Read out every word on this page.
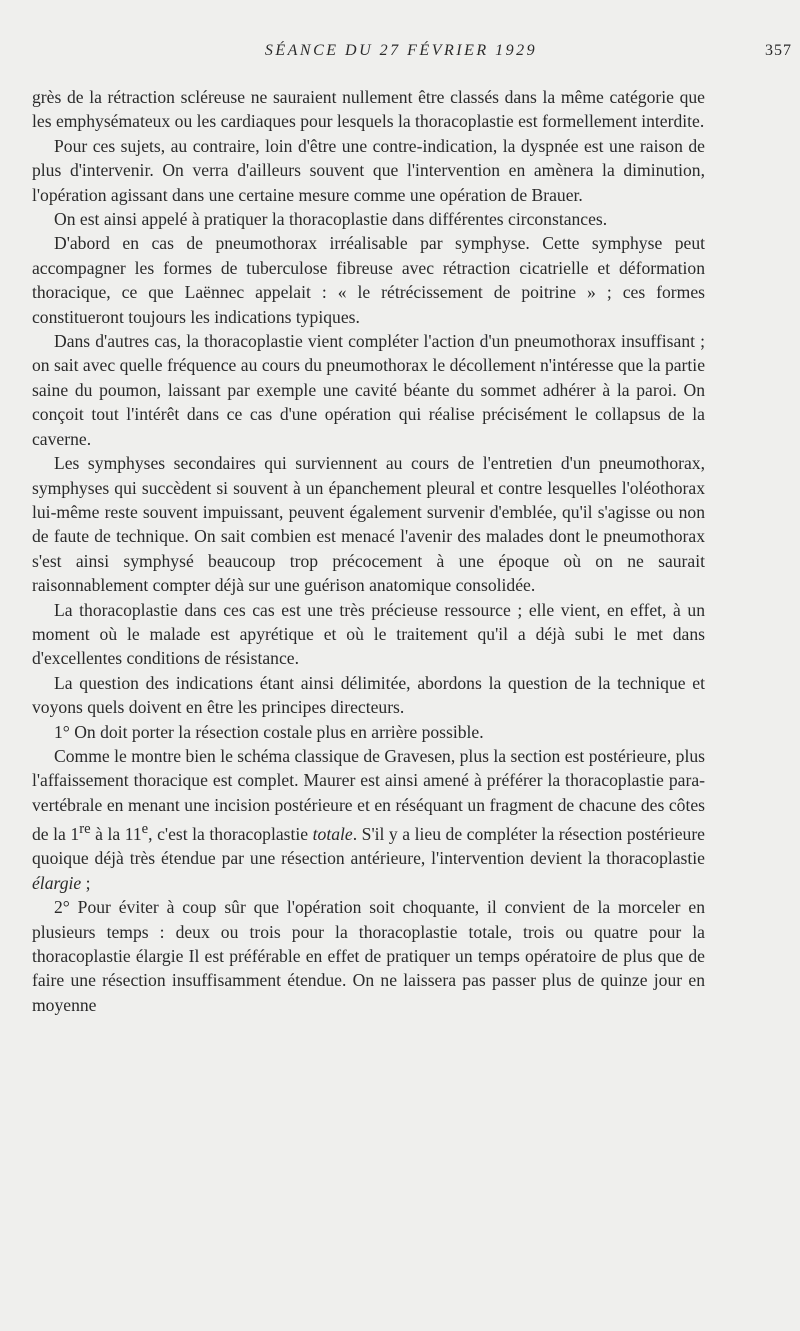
SÉANCE DU 27 FÉVRIER 1929	357

grès de la rétraction scléreuse ne sauraient nullement être classés dans la même catégorie que les emphysémateux ou les cardiaques pour lesquels la thoracoplastie est formellement interdite.

Pour ces sujets, au contraire, loin d'être une contre-indication, la dyspnée est une raison de plus d'intervenir. On verra d'ailleurs souvent que l'intervention en amènera la diminution, l'opération agissant dans une certaine mesure comme une opération de Brauer.

On est ainsi appelé à pratiquer la thoracoplastie dans différentes circonstances.

D'abord en cas de pneumothorax irréalisable par symphyse. Cette symphyse peut accompagner les formes de tuberculose fibreuse avec rétraction cicatrielle et déformation thoracique, ce que Laënnec appelait : « le rétrécissement de poitrine » ; ces formes constitueront toujours les indications typiques.

Dans d'autres cas, la thoracoplastie vient compléter l'action d'un pneumothorax insuffisant ; on sait avec quelle fréquence au cours du pneumothorax le décollement n'intéresse que la partie saine du poumon, laissant par exemple une cavité béante du sommet adhérer à la paroi. On conçoit tout l'intérêt dans ce cas d'une opération qui réalise précisément le collapsus de la caverne.

Les symphyses secondaires qui surviennent au cours de l'entretien d'un pneumothorax, symphyses qui succèdent si souvent à un épanchement pleural et contre lesquelles l'oléothorax lui-même reste souvent impuissant, peuvent également survenir d'emblée, qu'il s'agisse ou non de faute de technique. On sait combien est menacé l'avenir des malades dont le pneumothorax s'est ainsi symphysé beaucoup trop précocement à une époque où on ne saurait raisonnablement compter déjà sur une guérison anatomique consolidée.

La thoracoplastie dans ces cas est une très précieuse ressource ; elle vient, en effet, à un moment où le malade est apyrétique et où le traitement qu'il a déjà subi le met dans d'excellentes conditions de résistance.

La question des indications étant ainsi délimitée, abordons la question de la technique et voyons quels doivent en être les principes directeurs.

1° On doit porter la résection costale plus en arrière possible.

Comme le montre bien le schéma classique de Gravesen, plus la section est postérieure, plus l'affaissement thoracique est complet. Maurer est ainsi amené à préférer la thoracoplastie para-vertébrale en menant une incision postérieure et en réséquant un fragment de chacune des côtes de la 1re à la 11e, c'est la thoracoplastie totale. S'il y a lieu de compléter la résection postérieure quoique déjà très étendue par une résection antérieure, l'intervention devient la thoracoplastie élargie ;

2° Pour éviter à coup sûr que l'opération soit choquante, il convient de la morceler en plusieurs temps : deux ou trois pour la thoracoplastie totale, trois ou quatre pour la thoracoplastie élargie Il est préférable en effet de pratiquer un temps opératoire de plus que de faire une résection insuffisamment étendue. On ne laissera pas passer plus de quinze jour en moyenne
